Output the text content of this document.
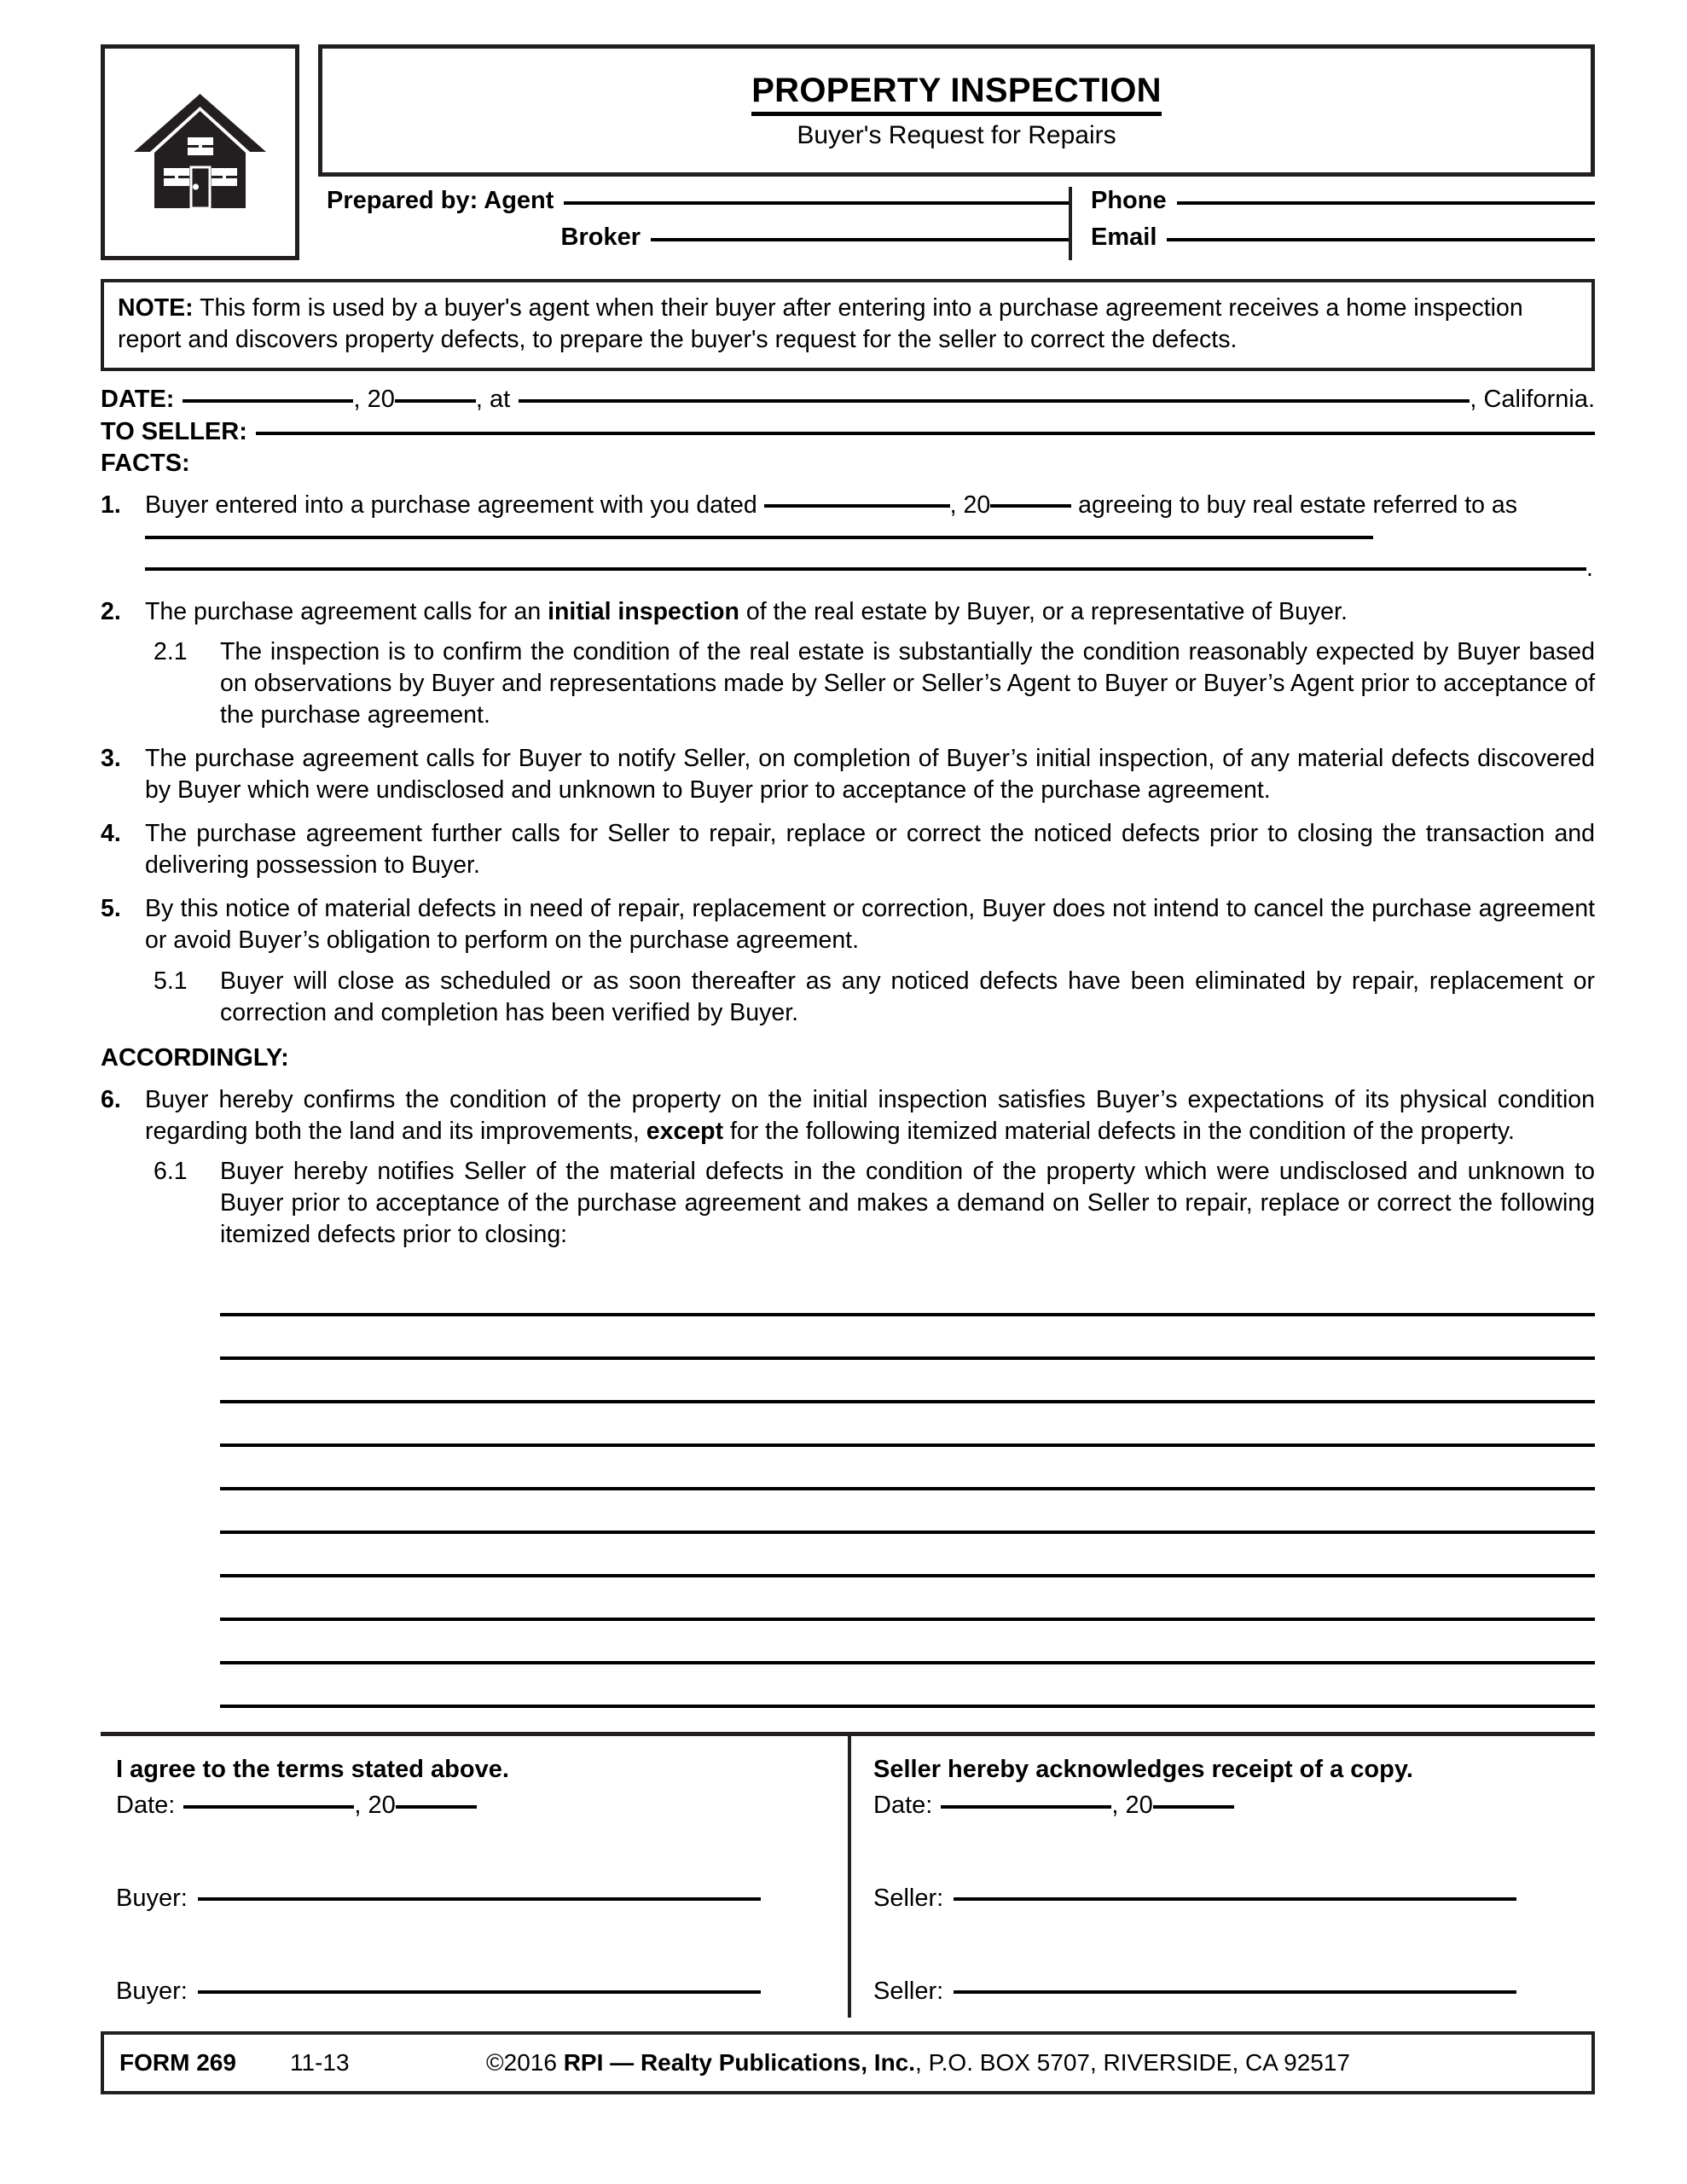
PROPERTY INSPECTION
Buyer's Request for Repairs
Prepared by: Agent
Broker
Phone
Email
NOTE: This form is used by a buyer's agent when their buyer after entering into a purchase agreement receives a home inspection report and discovers property defects, to prepare the buyer's request for the seller to correct the defects.
DATE:	, 20	, at	, California.
TO SELLER:
FACTS:
1. Buyer entered into a purchase agreement with you dated	, 20	agreeing to buy real estate referred to as
.
2. The purchase agreement calls for an initial inspection of the real estate by Buyer, or a representative of Buyer.
2.1	The inspection is to confirm the condition of the real estate is substantially the condition reasonably expected by Buyer based on observations by Buyer and representations made by Seller or Seller’s Agent to Buyer or Buyer’s Agent prior to acceptance of the purchase agreement.
3. The purchase agreement calls for Buyer to notify Seller, on completion of Buyer’s initial inspection, of any material defects discovered by Buyer which were undisclosed and unknown to Buyer prior to acceptance of the purchase agreement.
4. The purchase agreement further calls for Seller to repair, replace or correct the noticed defects prior to closing the transaction and delivering possession to Buyer.
5. By this notice of material defects in need of repair, replacement or correction, Buyer does not intend to cancel the purchase agreement or avoid Buyer’s obligation to perform on the purchase agreement.
5.1	Buyer will close as scheduled or as soon thereafter as any noticed defects have been eliminated by repair, replacement or correction and completion has been verified by Buyer.
ACCORDINGLY:
6. Buyer hereby confirms the condition of the property on the initial inspection satisfies Buyer’s expectations of its physical condition regarding both the land and its improvements, except for the following itemized material defects in the condition of the property.
6.1	Buyer hereby notifies Seller of the material defects in the condition of the property which were undisclosed and unknown to Buyer prior to acceptance of the purchase agreement and makes a demand on Seller to repair, replace or correct the following itemized defects prior to closing:
I agree to the terms stated above.
Date:	, 20
Buyer:
Buyer:
Seller hereby acknowledges receipt of a copy.
Date:	, 20
Seller:
Seller:
FORM 269	11-13	©2016 RPI — Realty Publications, Inc., P.O. BOX 5707, RIVERSIDE, CA 92517
